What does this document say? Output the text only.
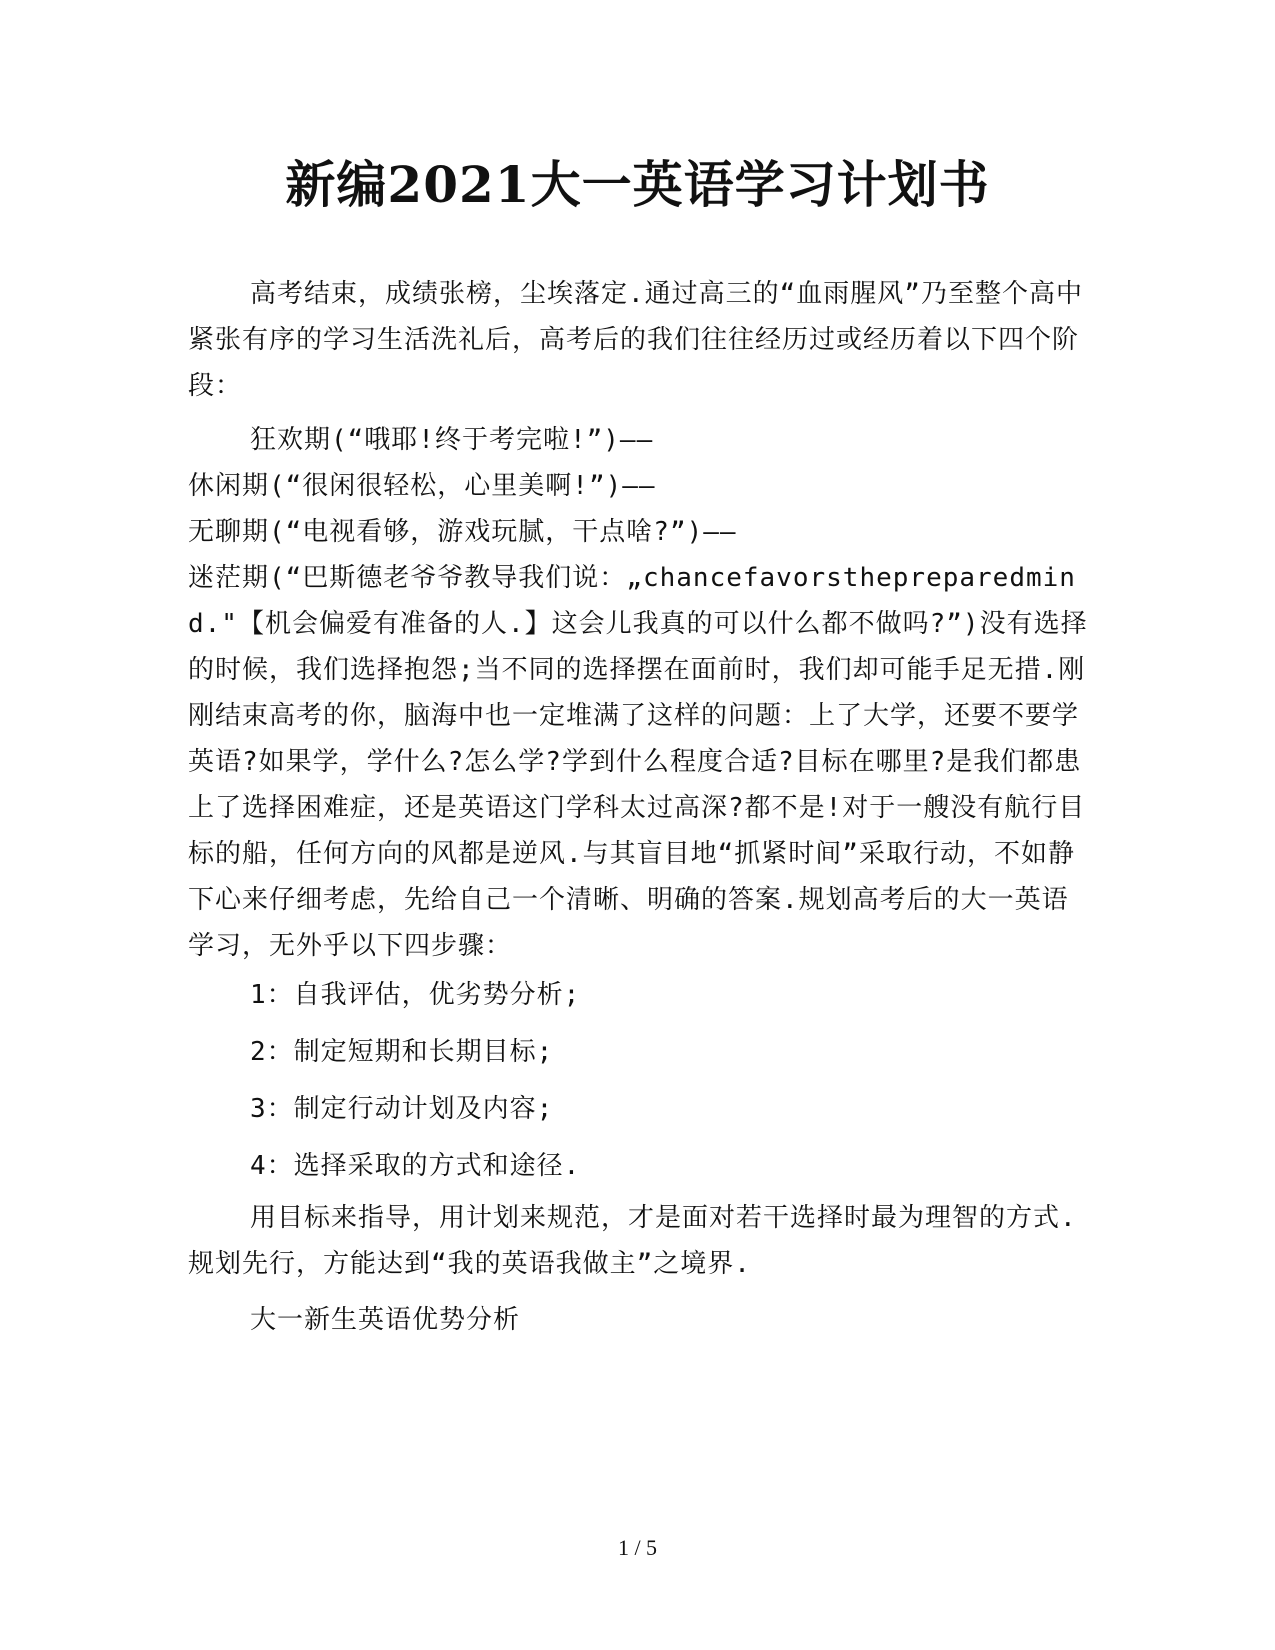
新编2021大一英语学习计划书

高考结束，成绩张榜，尘埃落定.通过高三的“血雨腥风”乃至整个高中紧张有序的学习生活洗礼后，高考后的我们往往经历过或经历着以下四个阶段：

狂欢期(“哦耶!终于考完啦!”)——

休闲期(“很闲很轻松，心里美啊!”)——

无聊期(“电视看够，游戏玩腻，干点啥?”)——

迷茫期(“巴斯德老爷爷教导我们说：„chancefavorsthepreparedmind."【机会偏爱有准备的人.】这会儿我真的可以什么都不做吗?”)没有选择的时候，我们选择抱怨;当不同的选择摆在面前时，我们却可能手足无措.刚刚结束高考的你，脑海中也一定堆满了这样的问题：上了大学，还要不要学英语?如果学，学什么?怎么学?学到什么程度合适?目标在哪里?是我们都患上了选择困难症，还是英语这门学科太过高深?都不是!对于一艘没有航行目标的船，任何方向的风都是逆风.与其盲目地“抓紧时间”采取行动，不如静下心来仔细考虑，先给自己一个清晰、明确的答案.规划高考后的大一英语学习，无外乎以下四步骤：

1：自我评估，优劣势分析;

2：制定短期和长期目标;

3：制定行动计划及内容;

4：选择采取的方式和途径.

用目标来指导，用计划来规范，才是面对若干选择时最为理智的方式.规划先行，方能达到“我的英语我做主”之境界.

大一新生英语优势分析

1 / 5
